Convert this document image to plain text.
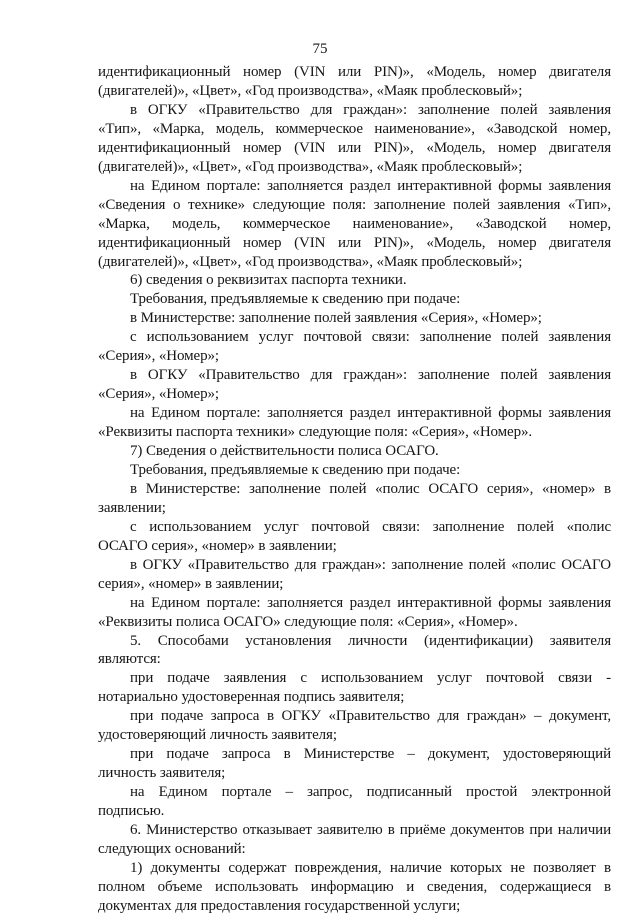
75
идентификационный номер (VIN или PIN)», «Модель, номер двигателя
(двигателей)», «Цвет», «Год производства», «Маяк проблесковый»;
в ОГКУ «Правительство для граждан»: заполнение полей заявления
«Тип», «Марка, модель, коммерческое наименование», «Заводской номер,
идентификационный номер (VIN или PIN)», «Модель, номер двигателя
(двигателей)», «Цвет», «Год производства», «Маяк проблесковый»;
на Едином портале: заполняется раздел интерактивной формы заявления
«Сведения о технике» следующие поля: заполнение полей заявления «Тип»,
«Марка, модель, коммерческое наименование», «Заводской номер,
идентификационный номер (VIN или PIN)», «Модель, номер двигателя
(двигателей)», «Цвет», «Год производства», «Маяк проблесковый»;
6) сведения о реквизитах паспорта техники.
Требования, предъявляемые к сведению при подаче:
в Министерстве: заполнение полей заявления «Серия», «Номер»;
с использованием услуг почтовой связи: заполнение полей заявления
«Серия», «Номер»;
в ОГКУ «Правительство для граждан»: заполнение полей заявления
«Серия», «Номер»;
на Едином портале: заполняется раздел интерактивной формы заявления
«Реквизиты паспорта техники» следующие поля: «Серия», «Номер».
7) Сведения о действительности полиса ОСАГО.
Требования, предъявляемые к сведению при подаче:
в Министерстве: заполнение полей «полис ОСАГО серия», «номер» в
заявлении;
с использованием услуг почтовой связи: заполнение полей «полис
ОСАГО серия», «номер» в заявлении;
в ОГКУ «Правительство для граждан»: заполнение полей «полис ОСАГО
серия», «номер» в заявлении;
на Едином портале: заполняется раздел интерактивной формы заявления
«Реквизиты полиса ОСАГО» следующие поля: «Серия», «Номер».
5. Способами установления личности (идентификации) заявителя
являются:
при подаче заявления с использованием услуг почтовой связи -
нотариально удостоверенная подпись заявителя;
при подаче запроса в ОГКУ «Правительство для граждан» – документ,
удостоверяющий личность заявителя;
при подаче запроса в Министерстве – документ, удостоверяющий
личность заявителя;
на Едином портале – запрос, подписанный простой электронной
подписью.
6. Министерство отказывает заявителю в приёме документов при наличии
следующих оснований:
1) документы содержат повреждения, наличие которых не позволяет в
полном объеме использовать информацию и сведения, содержащиеся в
документах для предоставления государственной услуги;
